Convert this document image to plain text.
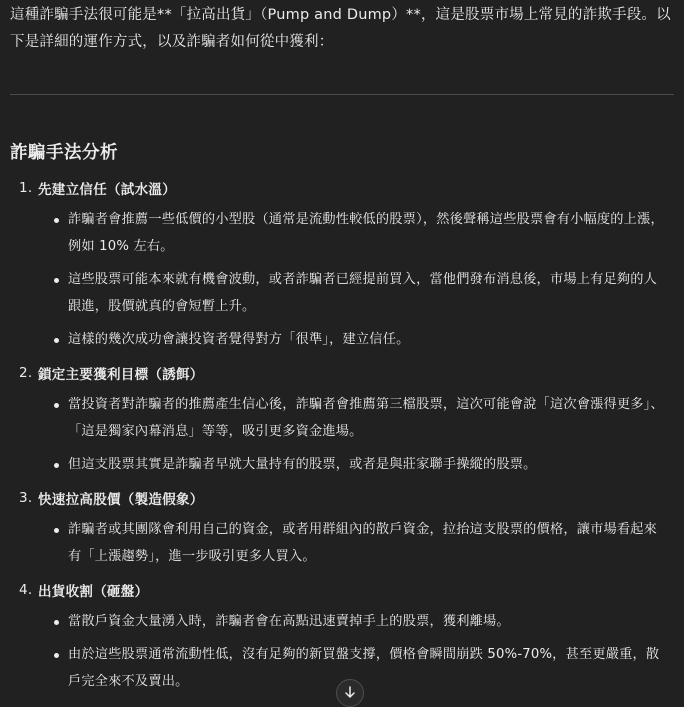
這種詐騙手法很可能是**「拉高出貨」（Pump and Dump）**，這是股票市場上常見的詐欺手段。以下是詳細的運作方式，以及詐騙者如何從中獲利：

詐騙手法分析
1. 先建立信任（試水溫）
詐騙者會推薦一些低價的小型股（通常是流動性較低的股票），然後聲稱這些股票會有小幅度的上漲，例如 10% 左右。
這些股票可能本來就有機會波動，或者詐騙者已經提前買入，當他們發布消息後，市場上有足夠的人跟進，股價就真的會短暫上升。
這樣的幾次成功會讓投資者覺得對方「很準」，建立信任。
2. 鎖定主要獲利目標（誘餌）
當投資者對詐騙者的推薦產生信心後，詐騙者會推薦第三檔股票，這次可能會說「這次會漲得更多」、「這是獨家內幕消息」等等，吸引更多資金進場。
但這支股票其實是詐騙者早就大量持有的股票，或者是與莊家聯手操縱的股票。
3. 快速拉高股價（製造假象）
詐騙者或其團隊會利用自己的資金，或者用群組內的散戶資金，拉抬這支股票的價格，讓市場看起來有「上漲趨勢」，進一步吸引更多人買入。
4. 出貨收割（砸盤）
當散戶資金大量湧入時，詐騙者會在高點迅速賣掉手上的股票，獲利離場。
由於這些股票通常流動性低，沒有足夠的新買盤支撐，價格會瞬間崩跌 50%-70%，甚至更嚴重，散戶完全來不及賣出。
